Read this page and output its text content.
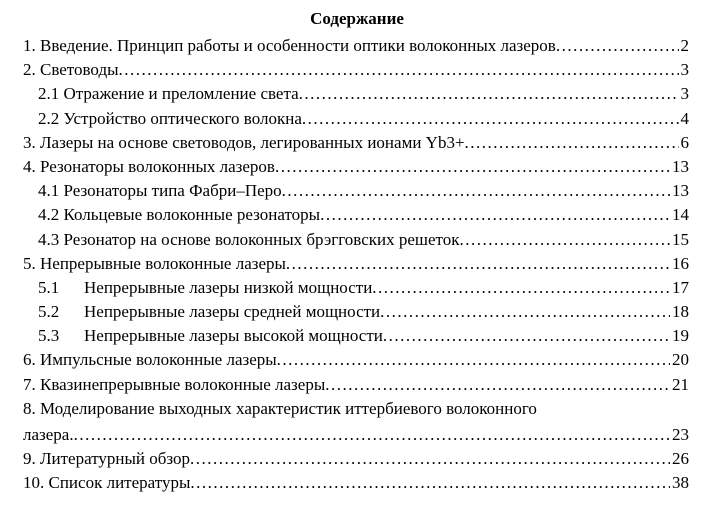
Содержание
1. Введение. Принцип работы и особенности оптики волоконных лазеров .....	2
2. Световоды .....	3
2.1 Отражение и преломление света .....	3
2.2 Устройство оптического волокна .....	4
3. Лазеры на основе световодов, легированных ионами Yb3+ .....	6
4. Резонаторы волоконных лазеров .....	13
4.1 Резонаторы типа Фабри–Перо .....	13
4.2 Кольцевые волоконные резонаторы .....	14
4.3 Резонатор на основе волоконных брэгговских решеток .....	15
5. Непрерывные волоконные лазеры .....	16
5.1 Непрерывные лазеры низкой мощности .....	17
5.2 Непрерывные лазеры средней мощности .....	18
5.3 Непрерывные лазеры высокой мощности .....	19
6. Импульсные волоконные лазеры .....	20
7. Квазинепрерывные волоконные лазеры .....	21
8. Моделирование выходных характеристик иттербиевого волоконного
лазера. .....	23
9. Литературный обзор .....	26
10. Список литературы .....	38
